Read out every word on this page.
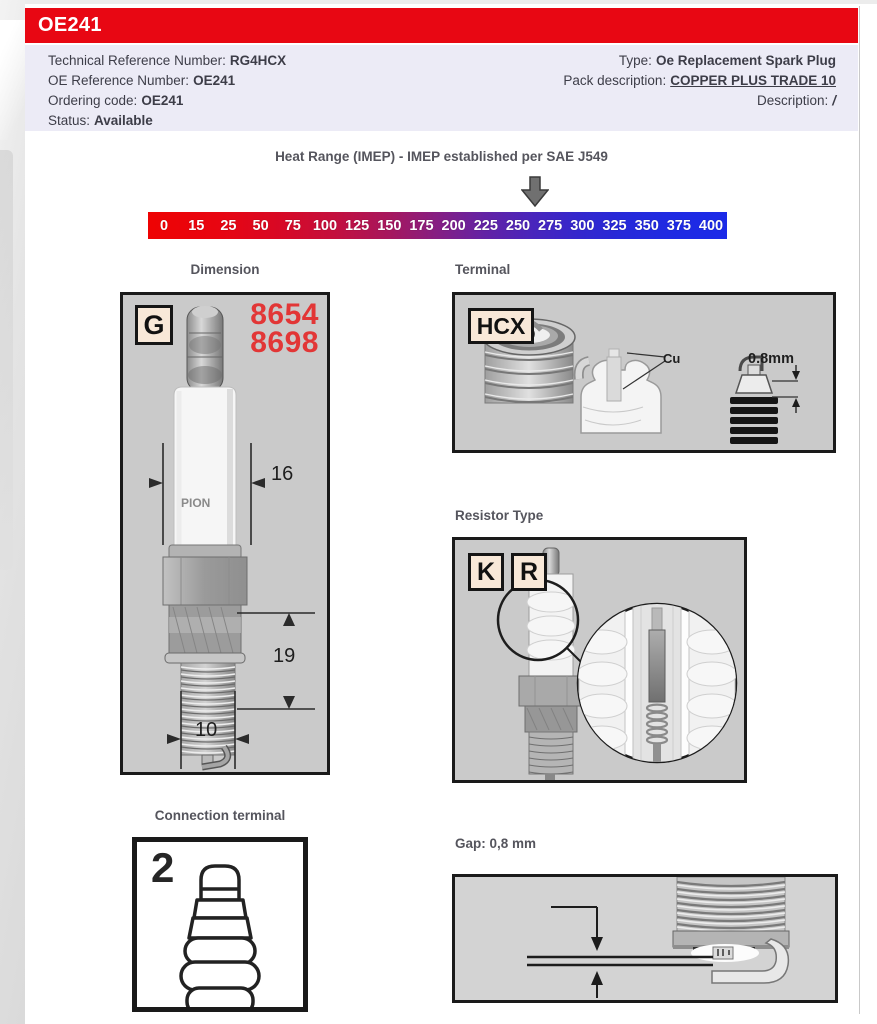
OE241
Technical Reference Number: RG4HCX
OE Reference Number: OE241
Ordering code: OE241
Status: Available
Type: Oe Replacement Spark Plug
Pack description: COPPER PLUS TRADE 10
Description: /
Heat Range (IMEP) - IMEP established per SAE J549
0	15	25	50	75 100 125 150 175 200 225 250 275 300 325 350 375 400
Dimension
PION
G	8654
8698
16
19
10
Terminal
HCX
Cu	0.8mm
Resistor Type
K R
Connection terminal
2
Gap: 0,8 mm
